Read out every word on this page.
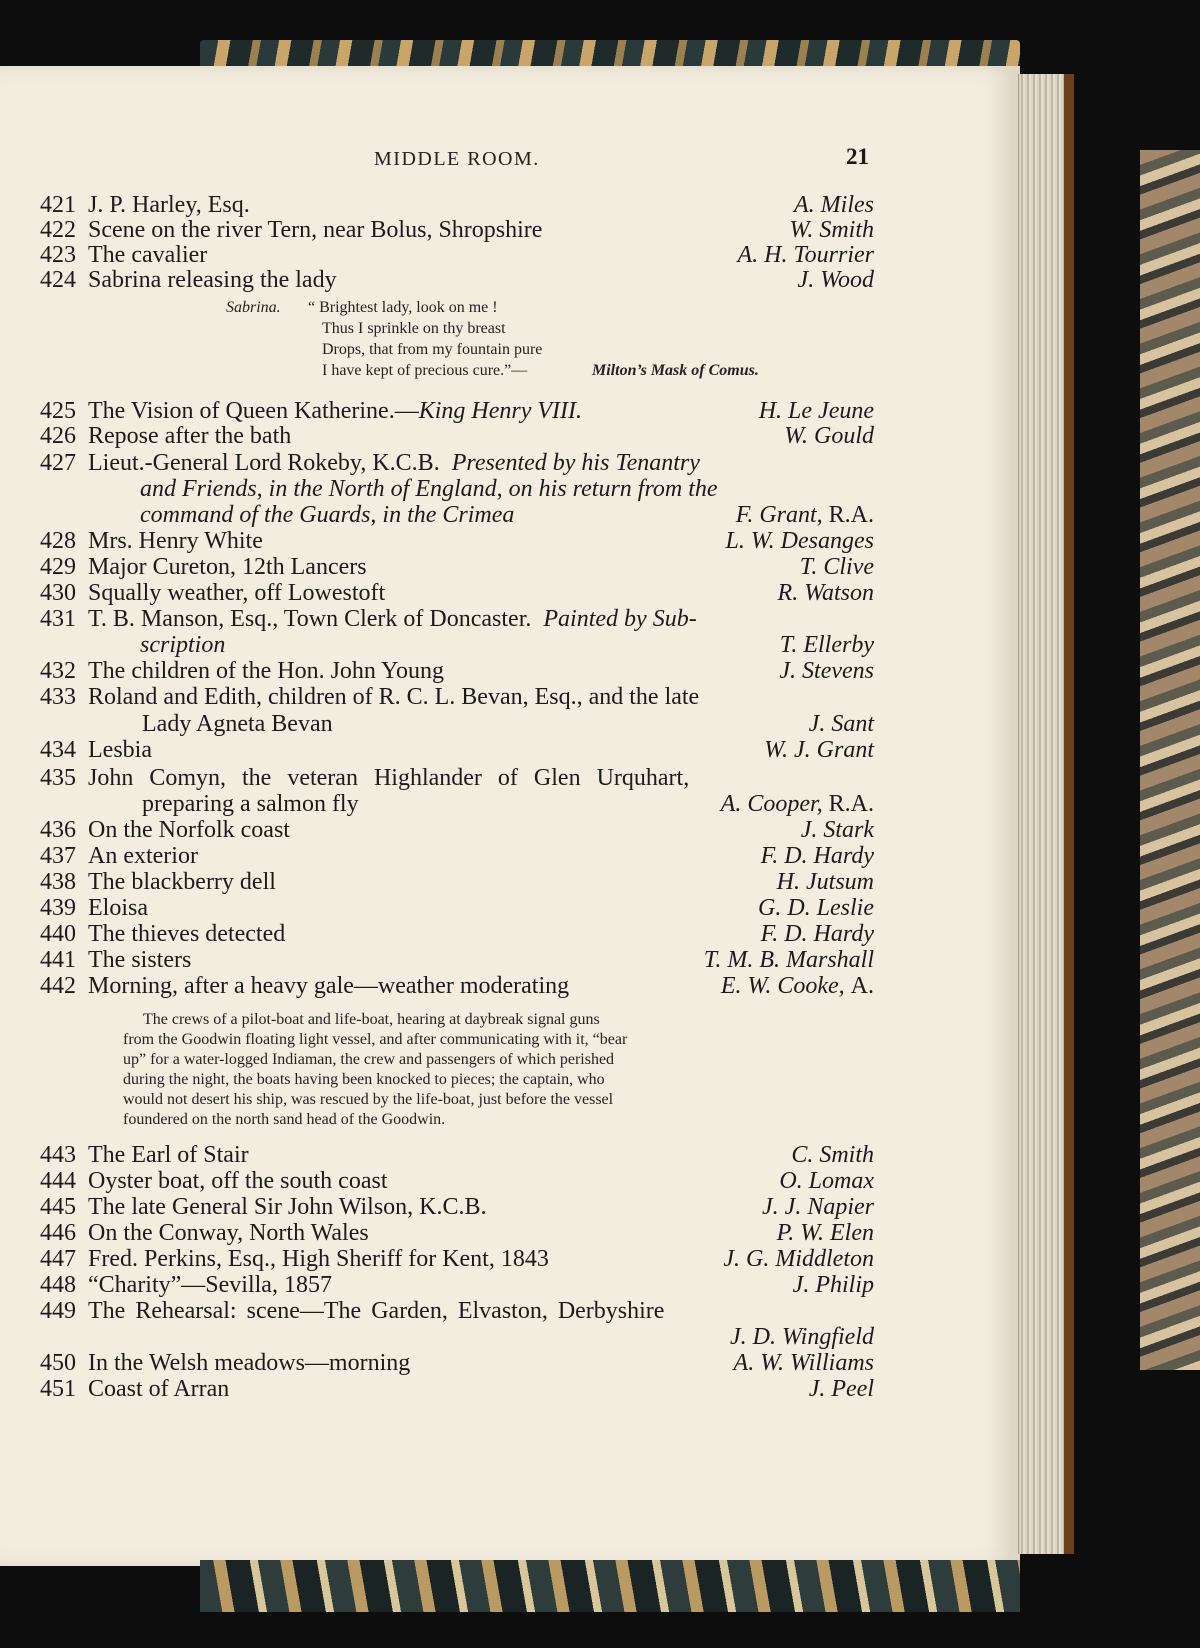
MIDDLE ROOM.	21
421 J. P. Harley, Esq.	A. Miles
422 Scene on the river Tern, near Bolus, Shropshire	W. Smith
423 The cavalier	A. H. Tourrier
424 Sabrina releasing the lady	J. Wood
Sabrina. “ Brightest lady, look on me !
Thus I sprinkle on thy breast
Drops, that from my fountain pure
I have kept of precious cure.”—	Milton’s Mask of Comus.
425 The Vision of Queen Katherine.—King Henry VIII.	H. Le Jeune
426 Repose after the bath	W. Gould
427 Lieut.-General Lord Rokeby, K.C.B. Presented by his Tenantry
and Friends, in the North of England, on his return from the
command of the Guards, in the Crimea	F. Grant, R.A.
428 Mrs. Henry White	L. W. Desanges
429 Major Cureton, 12th Lancers	T. Clive
430 Squally weather, off Lowestoft	R. Watson
431 T. B. Manson, Esq., Town Clerk of Doncaster. Painted by Sub-
scription	T. Ellerby
432 The children of the Hon. John Young	J. Stevens
433 Roland and Edith, children of R. C. L. Bevan, Esq., and the late
Lady Agneta Bevan	J. Sant
434 Lesbia	W. J. Grant
435 John Comyn, the veteran Highlander of Glen Urquhart,
preparing a salmon fly	A. Cooper, R.A.
436 On the Norfolk coast	J. Stark
437 An exterior	F. D. Hardy
438 The blackberry dell	H. Jutsum
439 Eloisa	G. D. Leslie
440 The thieves detected	F. D. Hardy
441 The sisters	T. M. B. Marshall
442 Morning, after a heavy gale—weather moderating	E. W. Cooke, A.
The crews of a pilot-boat and life-boat, hearing at daybreak signal guns
from the Goodwin floating light vessel, and after communicating with it, “bear
up” for a water-logged Indiaman, the crew and passengers of which perished
during the night, the boats having been knocked to pieces; the captain, who
would not desert his ship, was rescued by the life-boat, just before the vessel
foundered on the north sand head of the Goodwin.
443 The Earl of Stair	C. Smith
444 Oyster boat, off the south coast	O. Lomax
445 The late General Sir John Wilson, K.C.B.	J. J. Napier
446 On the Conway, North Wales	P. W. Elen
447 Fred. Perkins, Esq., High Sheriff for Kent, 1843	J. G. Middleton
448 “Charity”—Sevilla, 1857	J. Philip
449 The Rehearsal: scene—The Garden, Elvaston, Derbyshire
J. D. Wingfield
450 In the Welsh meadows—morning	A. W. Williams
451 Coast of Arran	J. Peel
